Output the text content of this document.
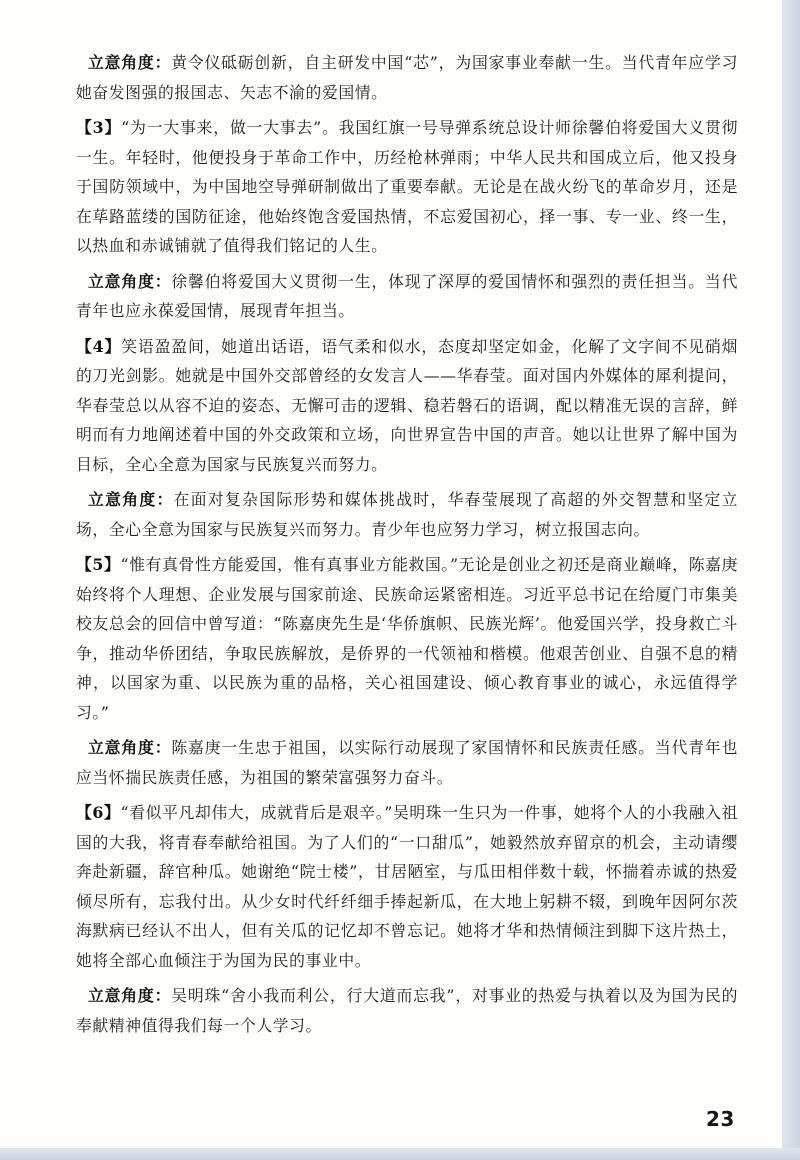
立意角度：黄令仪砥砺创新，自主研发中国“芯”，为国家事业奉献一生。当代青年应学习她奋发图强的报国志、矢志不渝的爱国情。

【3】“为一大事来，做一大事去”。我国红旗一号导弹系统总设计师徐馨伯将爱国大义贯彻一生。年轻时，他便投身于革命工作中，历经枪林弹雨；中华人民共和国成立后，他又投身于国防领域中，为中国地空导弹研制做出了重要奉献。无论是在战火纷飞的革命岁月，还是在荜路蓝缕的国防征途，他始终饱含爱国热情，不忘爱国初心，择一事、专一业、终一生，以热血和赤诚铺就了值得我们铭记的人生。

立意角度：徐馨伯将爱国大义贯彻一生，体现了深厚的爱国情怀和强烈的责任担当。当代青年也应永葆爱国情，展现青年担当。

【4】笑语盈盈间，她道出话语，语气柔和似水，态度却坚定如金，化解了文字间不见硝烟的刀光剑影。她就是中国外交部曾经的女发言人——华春莹。面对国内外媒体的犀利提问，华春莹总以从容不迫的姿态、无懈可击的逻辑、稳若磐石的语调，配以精准无误的言辞，鲜明而有力地阐述着中国的外交政策和立场，向世界宣告中国的声音。她以让世界了解中国为目标，全心全意为国家与民族复兴而努力。

立意角度：在面对复杂国际形势和媒体挑战时，华春莹展现了高超的外交智慧和坚定立场，全心全意为国家与民族复兴而努力。青少年也应努力学习，树立报国志向。

【5】“惟有真骨性方能爱国，惟有真事业方能救国。”无论是创业之初还是商业巅峰，陈嘉庚始终将个人理想、企业发展与国家前途、民族命运紧密相连。习近平总书记在给厦门市集美校友总会的回信中曾写道：“陈嘉庚先生是‘华侨旗帜、民族光辉’。他爱国兴学，投身救亡斗争，推动华侨团结，争取民族解放，是侨界的一代领袖和楷模。他艰苦创业、自强不息的精神，以国家为重、以民族为重的品格，关心祖国建设、倾心教育事业的诚心，永远值得学习。”

立意角度：陈嘉庚一生忠于祖国，以实际行动展现了家国情怀和民族责任感。当代青年也应当怀揣民族责任感，为祖国的繁荣富强努力奋斗。

【6】“看似平凡却伟大，成就背后是艰辛。”吴明珠一生只为一件事，她将个人的小我融入祖国的大我，将青春奉献给祖国。为了人们的“一口甜瓜”，她毅然放弃留京的机会，主动请缨奔赴新疆，辞官种瓜。她谢绝“院士楼”，甘居陋室，与瓜田相伴数十载，怀揣着赤诚的热爱倾尽所有，忘我付出。从少女时代纤纤细手捧起新瓜，在大地上躬耕不辍，到晚年因阿尔茨海默病已经认不出人，但有关瓜的记忆却不曾忘记。她将才华和热情倾注到脚下这片热土，她将全部心血倾注于为国为民的事业中。

立意角度：吴明珠“舍小我而利公，行大道而忘我”，对事业的热爱与执着以及为国为民的奉献精神值得我们每一个人学习。

23
